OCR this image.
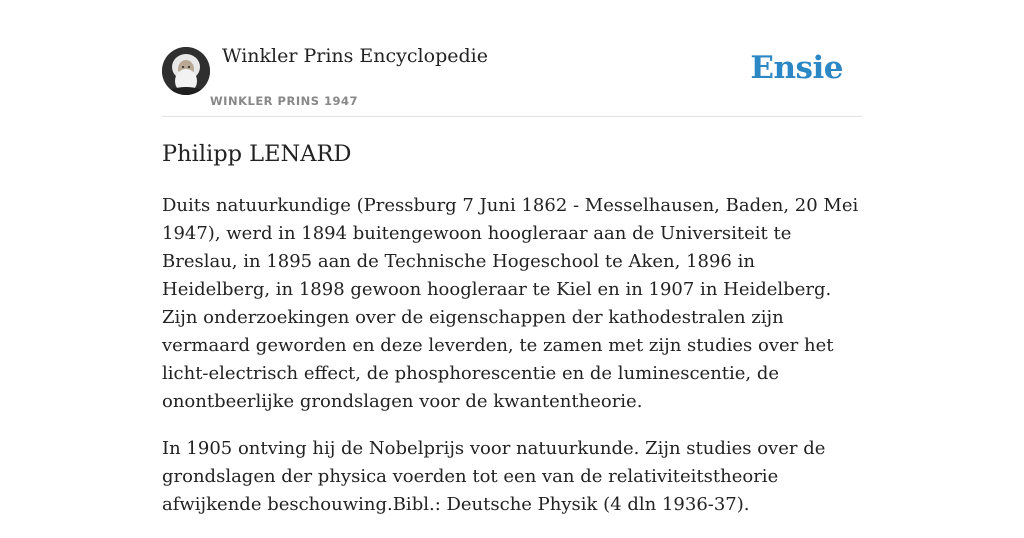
Winkler Prins Encyclopedie
WINKLER PRINS 1947
Ensie
Philipp LENARD

Duits natuurkundige (Pressburg 7 Juni 1862 - Messelhausen, Baden, 20 Mei 1947), werd in 1894 buitengewoon hoogleraar aan de Universiteit te Breslau, in 1895 aan de Technische Hogeschool te Aken, 1896 in Heidelberg, in 1898 gewoon hoogleraar te Kiel en in 1907 in Heidelberg. Zijn onderzoekingen over de eigenschappen der kathodestralen zijn vermaard geworden en deze leverden, te zamen met zijn studies over het licht-electrisch effect, de phosphorescentie en de luminescentie, de onontbeerlijke grondslagen voor de kwantentheorie.

In 1905 ontving hij de Nobelprijs voor natuurkunde. Zijn studies over de grondslagen der physica voerden tot een van de relativiteitstheorie afwijkende beschouwing.Bibl.: Deutsche Physik (4 dln 1936-37).
